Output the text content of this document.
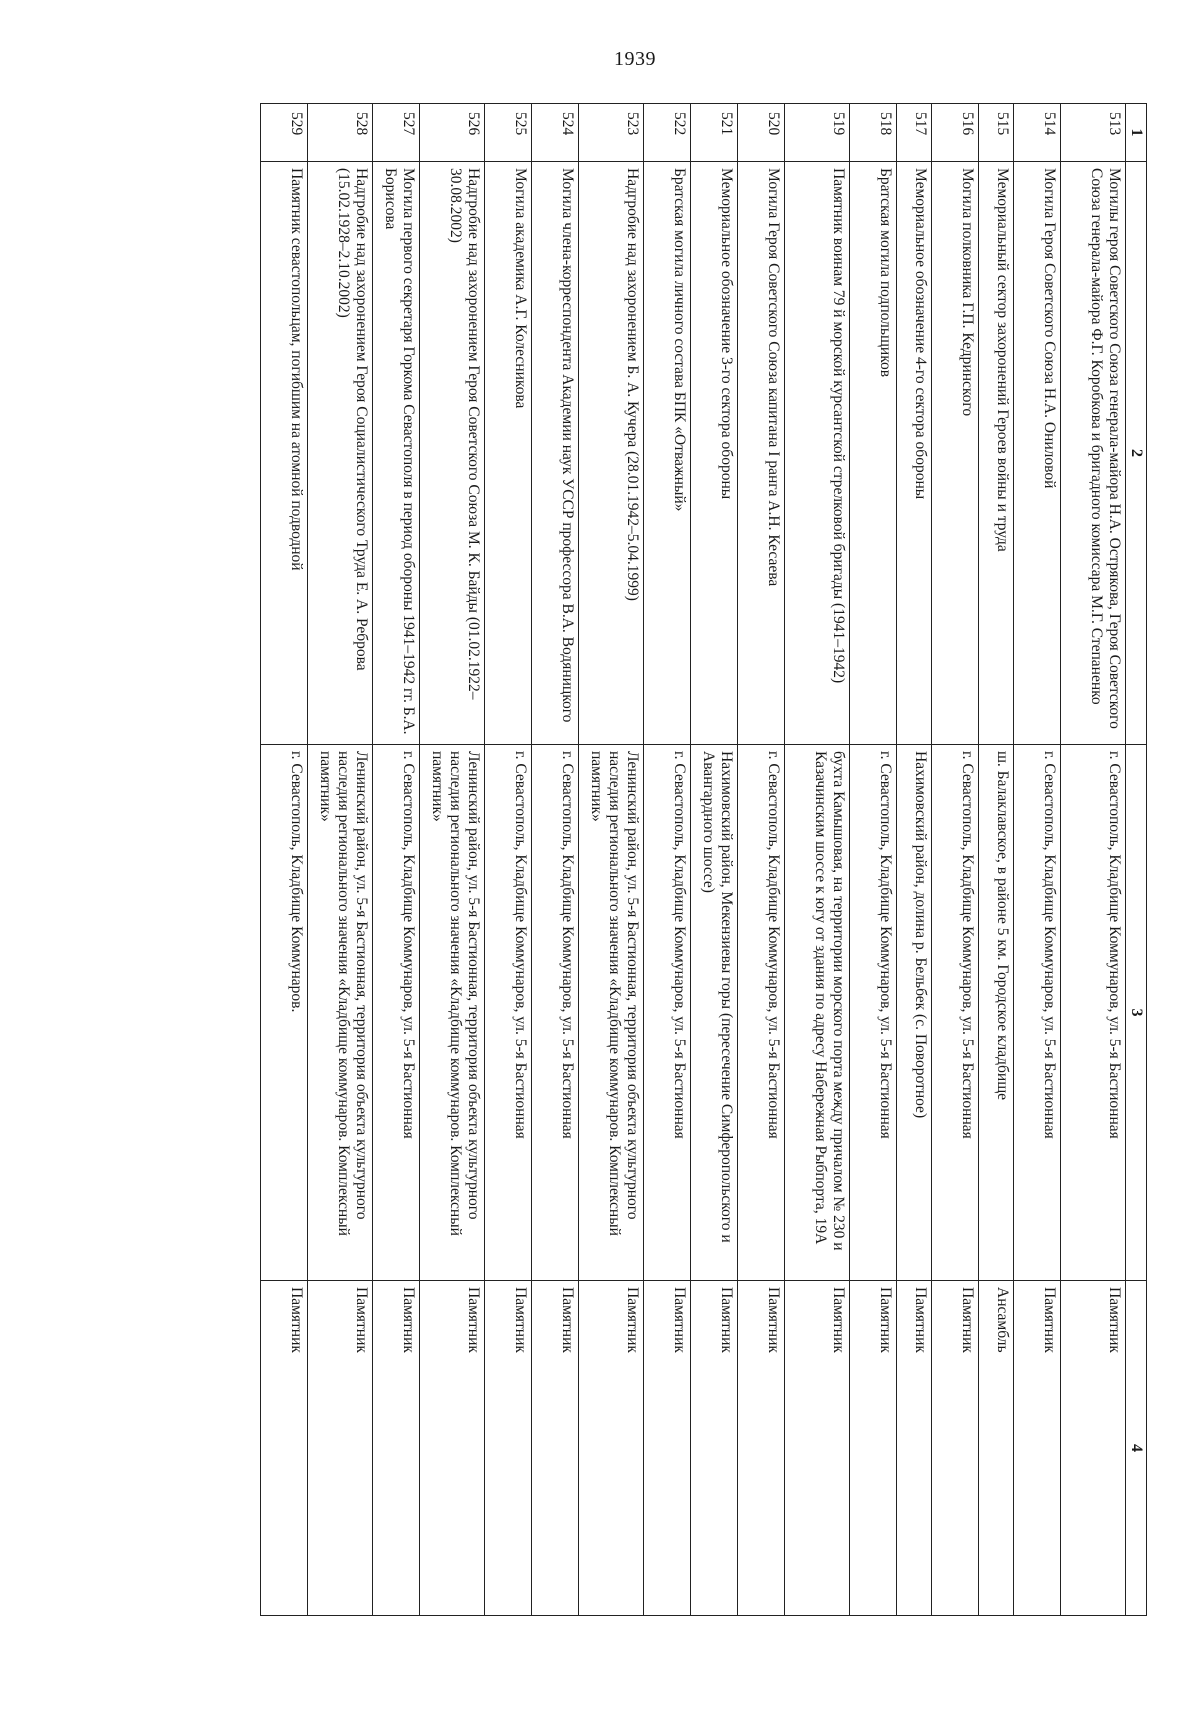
1939
1	2	3	4
513	Могилы героя Советского Союза генерала-майора Н.А. Острякова, Героя Советского Союза генерала-майора Ф.Г. Коробкова и бригадного комиссара М.Г. Степаненко	г. Севастополь, Кладбище Коммунаров, ул. 5-я Бастионная	Памятник
514	Могила Героя Советского Союза Н.А. Ониловой	г. Севастополь, Кладбище Коммунаров, ул. 5-я Бастионная	Памятник
515	Мемориальный сектор захоронений Героев войны и труда	ш. Балаклавское, в районе 5 км. Городское кладбище	Ансамбль
516	Могила полковника Г.П. Кедринского	г. Севастополь, Кладбище Коммунаров, ул. 5-я Бастионная	Памятник
517	Мемориальное обозначение 4-го сектора обороны	Нахимовский район, долина р. Бельбек (с. Поворотное)	Памятник
518	Братская могила подпольщиков	г. Севастополь, Кладбище Коммунаров, ул. 5-я Бастионная	Памятник
519	Памятник воинам 79 й морской курсантской стрелковой бригады (1941–1942)	бухта Камышовая, на территории морского порта между причалом № 230 и Казачинским шоссе к югу от здания по адресу Набережная Рыбпорта, 19А	Памятник
520	Могила Героя Советского Союза капитана I ранга А.Н. Кесаева	г. Севастополь, Кладбище Коммунаров, ул. 5-я Бастионная	Памятник
521	Мемориальное обозначение 3-го сектора обороны	Нахимовский район, Мекензиевы горы (пересечение Симферопольского и Авангардного шоссе)	Памятник
522	Братская могила личного состава БПК «Отважный»	г. Севастополь, Кладбище Коммунаров, ул. 5-я Бастионная	Памятник
523	Надгробие над захоронением Б. А. Кучера (28.01.1942–5.04.1999)	Ленинский район, ул. 5-я Бастионная, территория объекта культурного наследия регионального значения «Кладбище коммунаров. Комплексный памятник»	Памятник
524	Могила члена-корреспондента Академии наук УССР профессора В.А. Водяницкого	г. Севастополь, Кладбище Коммунаров, ул. 5-я Бастионная	Памятник
525	Могила академика А.Г. Колесникова	г. Севастополь, Кладбище Коммунаров, ул. 5-я Бастионная	Памятник
526	Надгробие над захоронением Героя Советского Союза М. К. Байды (01.02.1922–30.08.2002)	Ленинский район, ул. 5-я Бастионная, территория объекта культурного наследия регионального значения «Кладбище коммунаров. Комплексный памятник»	Памятник
527	Могила первого секретаря Горкома Севастополя в период обороны 1941–1942 гг. Б.А. Борисова	г. Севастополь, Кладбище Коммунаров, ул. 5-я Бастионная	Памятник
528	Надгробие над захоронением Героя Социалистического Труда Е. А. Реброва (15.02.1928–2.10.2002)	Ленинский район, ул. 5-я Бастионная, территория объекта культурного наследия регионального значения «Кладбище коммунаров. Комплексный памятник»	Памятник
529	Памятник севастопольцам, погибшим на атомной подводной	г. Севастополь, Кладбище Коммунаров.	Памятник
